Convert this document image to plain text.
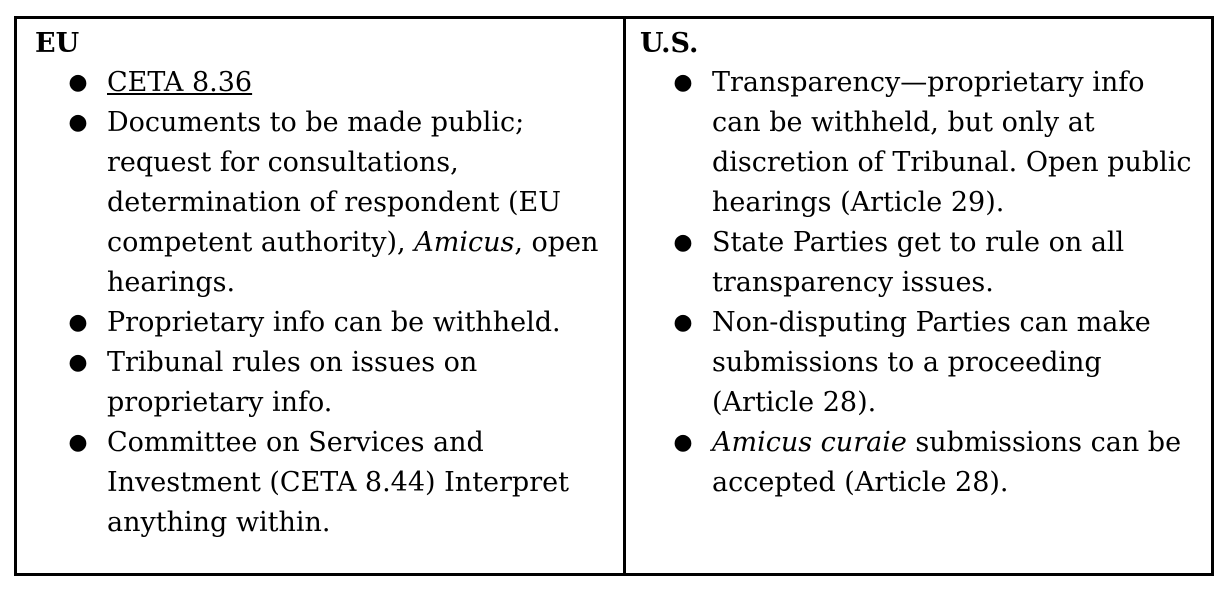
EU

● CETA 8.36
● Documents to be made public; request for consultations, determination of respondent (EU competent authority), Amicus, open hearings.
● Proprietary info can be withheld.
● Tribunal rules on issues on proprietary info.
● Committee on Services and Investment (CETA 8.44) Interpret anything within.

U.S.

● Transparency—proprietary info can be withheld, but only at discretion of Tribunal. Open public hearings (Article 29).
● State Parties get to rule on all transparency issues.
● Non-disputing Parties can make submissions to a proceeding (Article 28).
● Amicus curaie submissions can be accepted (Article 28).
